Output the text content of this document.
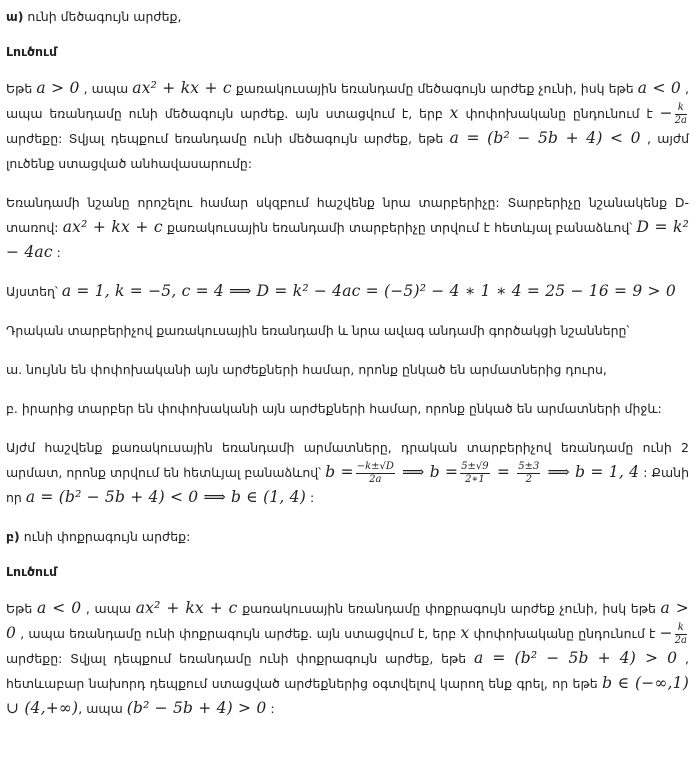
ա) ունի մեծագույն արժեք,

Լուծում

Եթե a > 0 , ապա ax² + kx + c քառակուսային եռանդամը մեծագույն արժեք չունի, իսկ եթե a < 0 , ապա եռանդամը ունի մեծագույն արժեք. այն ստացվում է, երբ x փոփոխականը ընդունում է − $\frac{k}{2a}$
արժեքը: Տվյալ դեպքում եռանդամը ունի մեծագույն արժեք, եթե a = (b² − 5b + 4) < 0 , այժմ լուծենք ստացված անհավասարումը:

Եռանդամի նշանը որոշելու համար սկզբում հաշվենք նրա տարբերիչը: Տարբերիչը նշանակենք D-տառով: ax² + kx + c քառակուսային եռանդամի տարբերիչը տրվում է հետևյալ բանաձևով՝ D = k² − 4ac :

Այստեղ՝ a = 1, k = −5, c = 4 ⟹ D = k² − 4ac = (−5)² − 4 ∗ 1 ∗ 4 = 25 − 16 = 9 > 0

Դրական տարբերիչով քառակուսային եռանդամի և նրա ավագ անդամի գործակցի նշանները՝

ա. նույնն են փոփոխականի այն արժեքների համար, որոնք ընկած են արմատներից դուրս,

բ. իրարից տարբեր են փոփոխականի այն արժեքների համար, որոնք ընկած են արմատների միջև:

Այժմ հաշվենք քառակուսային եռանդամի արմատները, դրական տարբերիչով եռանդամը ունի 2 արմատ, որոնք տրվում են հետևյալ բանաձևով՝ $b = \frac{-k\pm√D}{2a}$ ⟹ $b = \frac{5\pm√9}{2∗1} = \frac{5\pm 3}{2}$ ⟹ b = 1, 4 : Քանի որ a = (b² − 5b + 4) < 0 ⟹ b ∈ (1, 4) :

բ) ունի փոքրագույն արժեք:

Լուծում

Եթե a < 0 , ապա ax² + kx + c քառակուսային եռանդամը փոքրագույն արժեք չունի, իսկ եթե a > 0 , ապա եռանդամը ունի փոքրագույն արժեք. այն ստացվում է, երբ x փոփոխականը ընդունում է − $\frac{k}{2a}$
արժեքը: Տվյալ դեպքում եռանդամը ունի փոքրագույն արժեք, եթե a = (b² − 5b + 4) > 0 , հետևաբար նախորդ դեպքում ստացված արժեքներից օգտվելով կարող ենք գրել, որ եթե b ∈ (−∞,1) ∪ (4,+∞), ապա (b² − 5b + 4) > 0 :
